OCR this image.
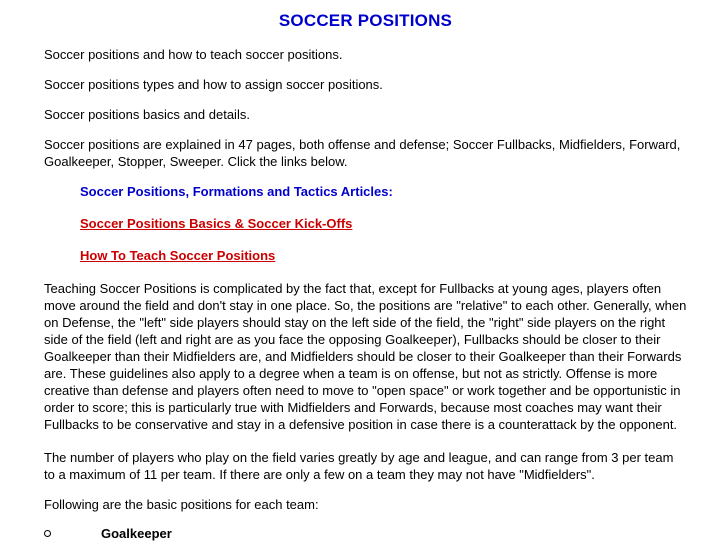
SOCCER POSITIONS

Soccer positions and how to teach soccer positions.

Soccer positions types and how to assign soccer positions.

Soccer positions basics and details.

Soccer positions are explained in 47 pages, both offense and defense; Soccer Fullbacks, Midfielders, Forward, Goalkeeper, Stopper, Sweeper. Click the links below.

Soccer Positions, Formations and Tactics Articles:

Soccer Positions Basics & Soccer Kick-Offs
How To Teach Soccer Positions

Teaching Soccer Positions is complicated by the fact that, except for Fullbacks at young ages, players often move around the field and don't stay in one place. So, the positions are "relative" to each other. Generally, when on Defense, the "left" side players should stay on the left side of the field, the "right" side players on the right side of the field (left and right are as you face the opposing Goalkeeper), Fullbacks should be closer to their Goalkeeper than their Midfielders are, and Midfielders should be closer to their Goalkeeper than their Forwards are. These guidelines also apply to a degree when a team is on offense, but not as strictly. Offense is more creative than defense and players often need to move to "open space" or work together and be opportunistic in order to score; this is particularly true with Midfielders and Forwards, because most coaches may want their Fullbacks to be conservative and stay in a defensive position in case there is a counterattack by the opponent.

The number of players who play on the field varies greatly by age and league, and can range from 3 per team to a maximum of 11 per team. If there are only a few on a team they may not have "Midfielders".

Following are the basic positions for each team:

Goalkeeper
